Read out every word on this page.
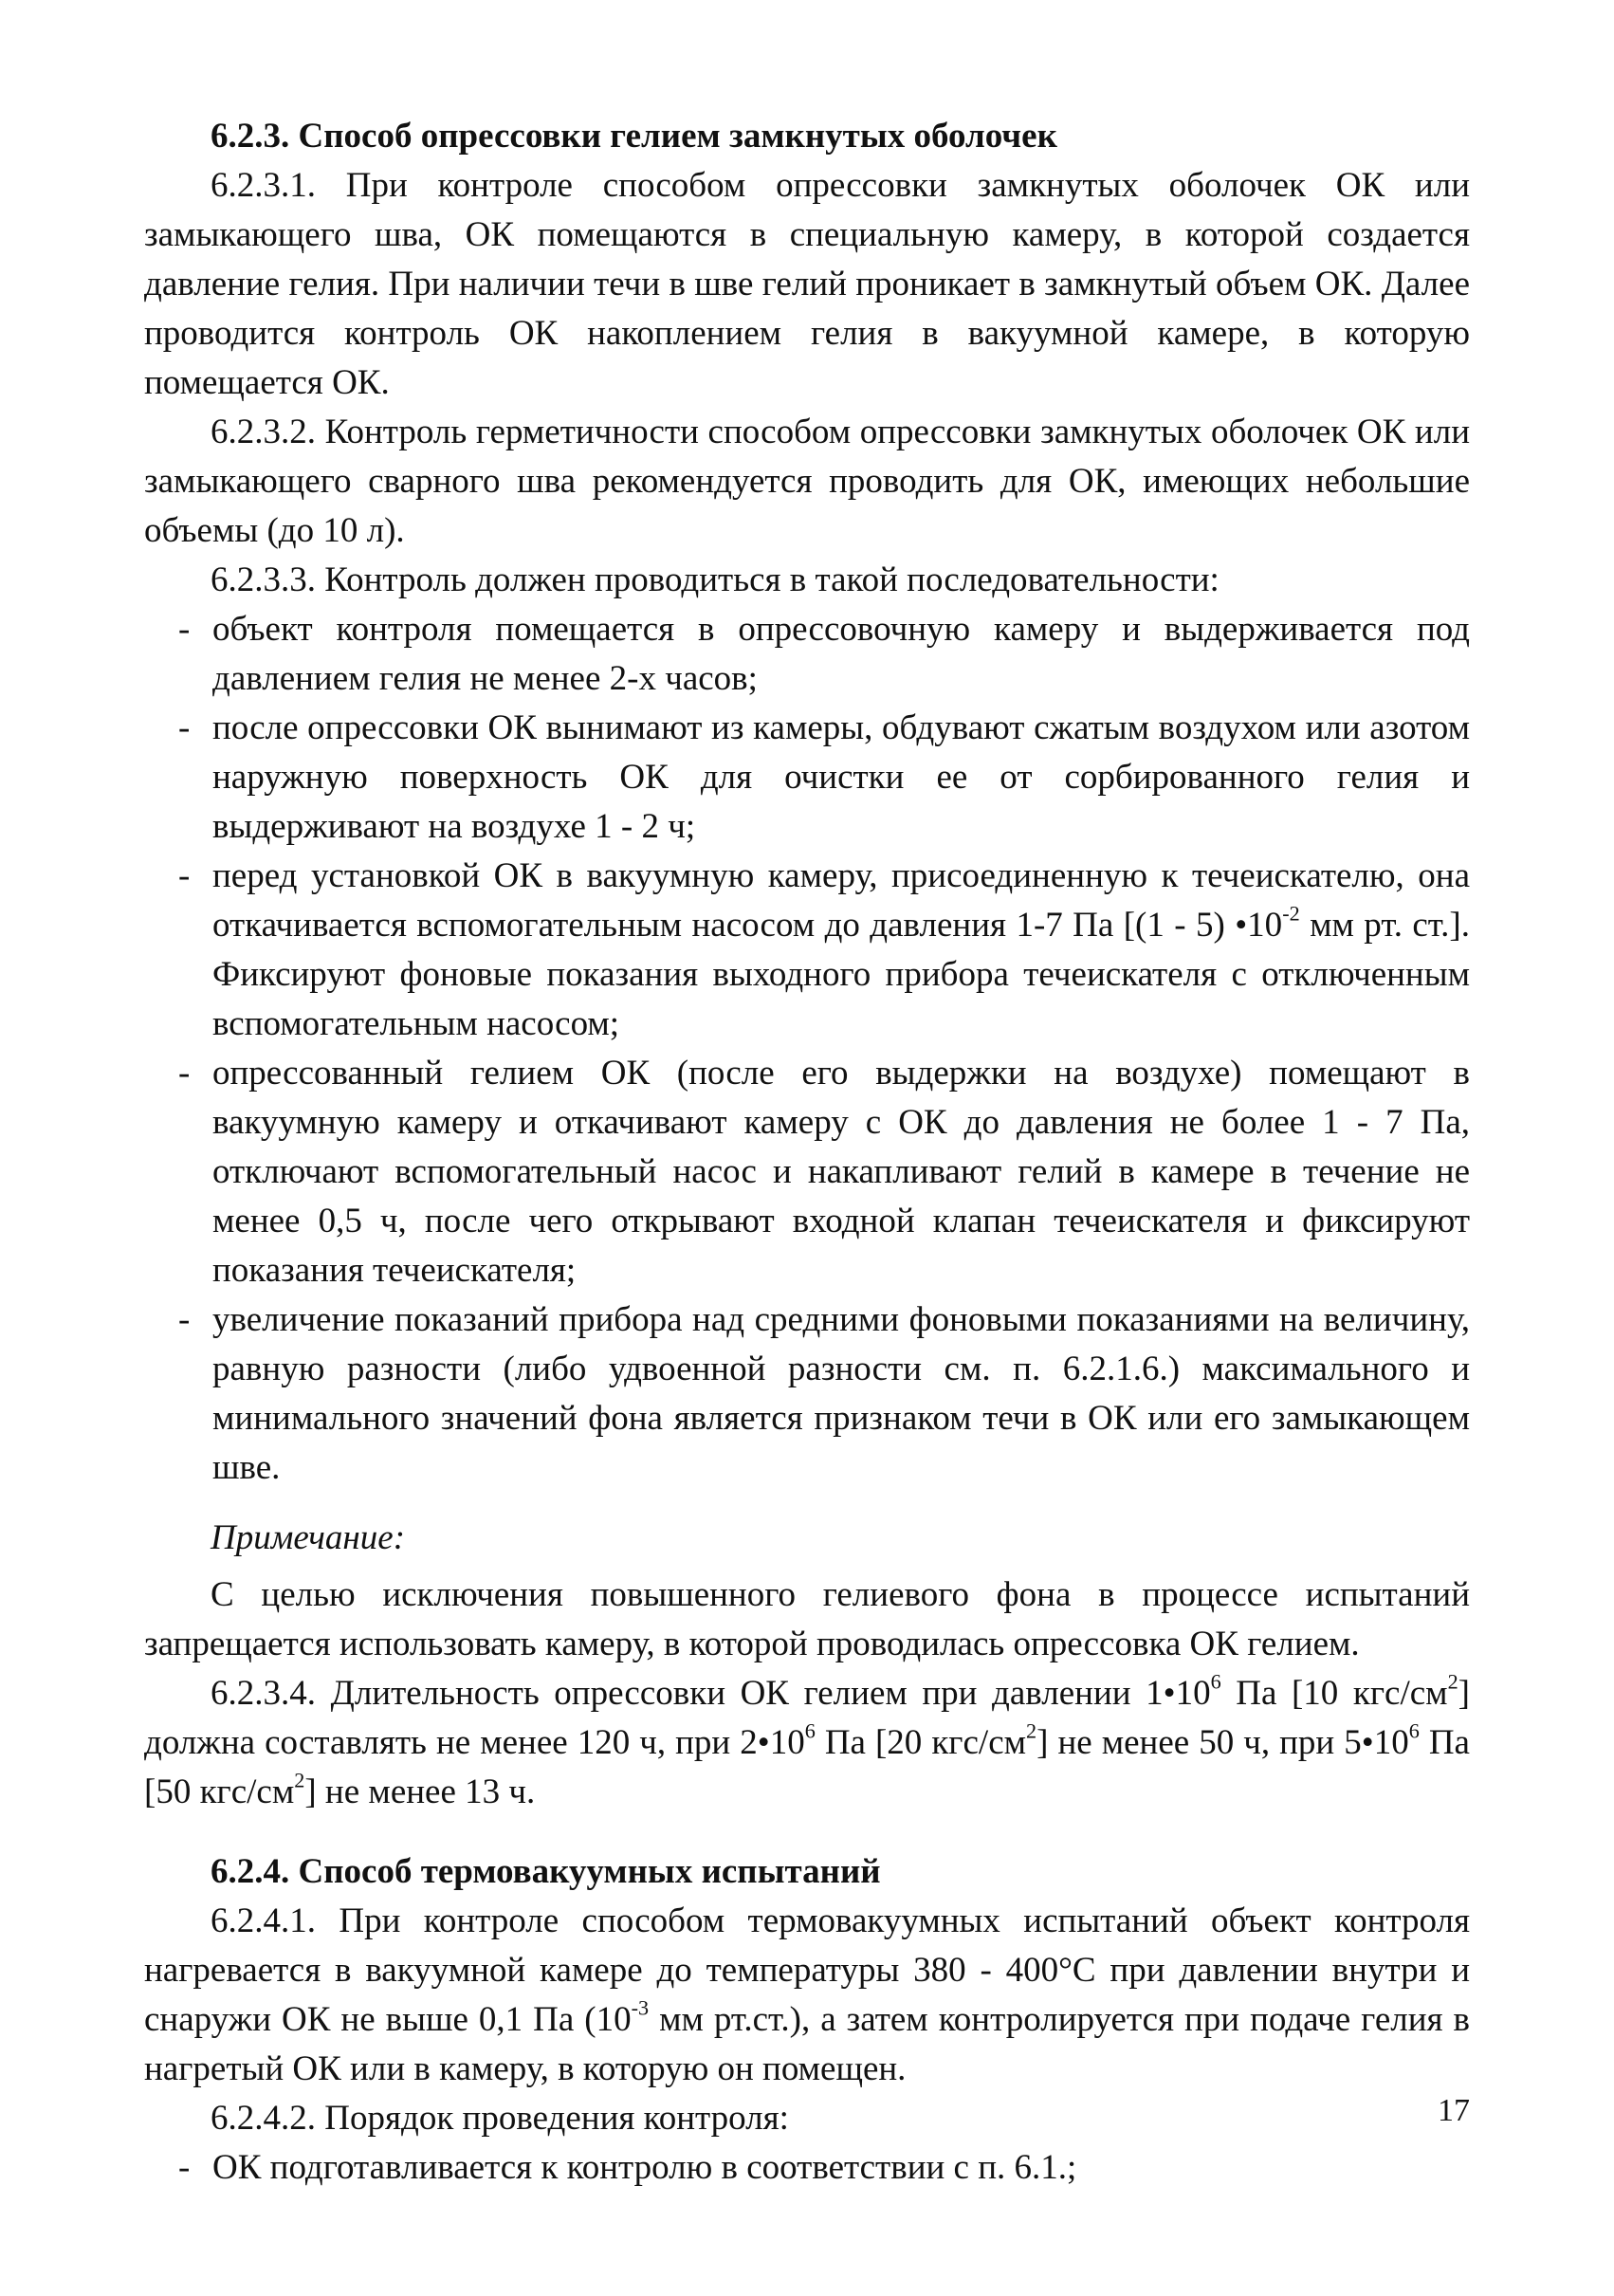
6.2.3. Способ опрессовки гелием замкнутых оболочек

6.2.3.1. При контроле способом опрессовки замкнутых оболочек ОК или замыкающего шва, ОК помещаются в специальную камеру, в которой создается давление гелия. При наличии течи в шве гелий проникает в замкнутый объем ОК. Далее проводится контроль ОК накоплением гелия в вакуумной камере, в которую помещается ОК.

6.2.3.2. Контроль герметичности способом опрессовки замкнутых оболочек ОК или замыкающего сварного шва рекомендуется проводить для ОК, имеющих небольшие объемы (до 10 л).

6.2.3.3. Контроль должен проводиться в такой последовательности:

- объект контроля помещается в опрессовочную камеру и выдерживается под давлением гелия не менее 2-х часов;
- после опрессовки ОК вынимают из камеры, обдувают сжатым воздухом или азотом наружную поверхность ОК для очистки ее от сорбированного гелия и выдерживают на воздухе 1 - 2 ч;
- перед установкой ОК в вакуумную камеру, присоединенную к течеискателю, она откачивается вспомогательным насосом до давления 1-7 Па [(1 - 5) $•10^{-2}$ мм рт. ст.]. Фиксируют фоновые показания выходного прибора течеискателя с отключенным вспомогательным насосом;
- опрессованный гелием ОК (после его выдержки на воздухе) помещают в вакуумную камеру и откачивают камеру с ОК до давления не более 1 - 7 Па, отключают вспомогательный насос и накапливают гелий в камере в течение не менее 0,5 ч, после чего открывают входной клапан течеискателя и фиксируют показания течеискателя;
- увеличение показаний прибора над средними фоновыми показаниями на величину, равную разности (либо удвоенной разности см. п. 6.2.1.6.) максимального и минимального значений фона является признаком течи в ОК или его замыкающем шве.

Примечание:

С целью исключения повышенного гелиевого фона в процессе испытаний запрещается использовать камеру, в которой проводилась опрессовка ОК гелием.

6.2.3.4. Длительность опрессовки ОК гелием при давлении $1•10^6$ Па [10 кгс/$см^2$] должна составлять не менее 120 ч, при $2•10^6$ Па [20 кгс/$см^2$] не менее 50 ч, при $5•10^6$ Па [50 кгс/$см^2$] не менее 13 ч.

6.2.4. Способ термовакуумных испытаний

6.2.4.1. При контроле способом термовакуумных испытаний объект контроля нагревается в вакуумной камере до температуры 380 - 400°С при давлении внутри и снаружи ОК не выше 0,1 Па ($10^{-3}$ мм рт.ст.), а затем контролируется при подаче гелия в нагретый ОК или в камеру, в которую он помещен.

6.2.4.2. Порядок проведения контроля:

- ОК подготавливается к контролю в соответствии с п. 6.1.;
17
